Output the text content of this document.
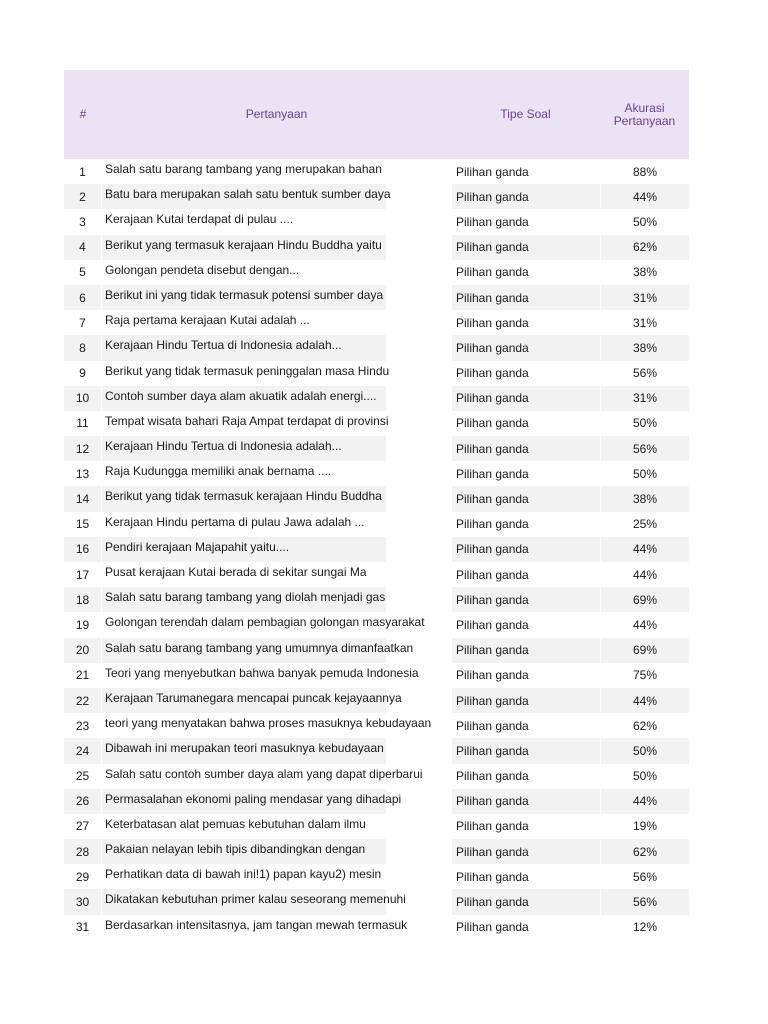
#	Pertanyaan	Tipe Soal	Akurasi
Pertanyaan
1	Salah satu barang tambang yang merupakan bahan	Pilihan ganda	88%
2	Batu bara merupakan salah satu bentuk sumber daya	Pilihan ganda	44%
3	Kerajaan Kutai terdapat di pulau ....	Pilihan ganda	50%
4	Berikut yang termasuk kerajaan Hindu Buddha yaitu	Pilihan ganda	62%
5	Golongan pendeta disebut dengan...	Pilihan ganda	38%
6	Berikut ini yang tidak termasuk potensi sumber daya	Pilihan ganda	31%
7	Raja pertama kerajaan Kutai adalah ...	Pilihan ganda	31%
8	Kerajaan Hindu Tertua di Indonesia adalah...	Pilihan ganda	38%
9	Berikut yang tidak termasuk peninggalan masa Hindu	Pilihan ganda	56%
10	Contoh sumber daya alam akuatik adalah energi....	Pilihan ganda	31%
11	Tempat wisata bahari Raja Ampat terdapat di provinsi	Pilihan ganda	50%
12	Kerajaan Hindu Tertua di Indonesia adalah...	Pilihan ganda	56%
13	Raja Kudungga memiliki anak bernama ....	Pilihan ganda	50%
14	Berikut yang tidak termasuk kerajaan Hindu Buddha	Pilihan ganda	38%
15	Kerajaan Hindu pertama di pulau Jawa adalah ...	Pilihan ganda	25%
16	Pendiri kerajaan Majapahit yaitu....	Pilihan ganda	44%
17	Pusat kerajaan Kutai berada di sekitar sungai Ma	Pilihan ganda	44%
18	Salah satu barang tambang yang diolah menjadi gas	Pilihan ganda	69%
19	Golongan terendah dalam pembagian golongan masyarakat	Pilihan ganda	44%
20	Salah satu barang tambang yang umumnya dimanfaatkan	Pilihan ganda	69%
21	Teori yang menyebutkan bahwa banyak pemuda Indonesia	Pilihan ganda	75%
22	Kerajaan Tarumanegara mencapai puncak kejayaannya	Pilihan ganda	44%
23	teori yang menyatakan bahwa proses masuknya kebudayaan	Pilihan ganda	62%
24	Dibawah ini merupakan teori masuknya kebudayaan	Pilihan ganda	50%
25	Salah satu contoh sumber daya alam yang dapat diperbarui	Pilihan ganda	50%
26	Permasalahan ekonomi paling mendasar yang dihadapi	Pilihan ganda	44%
27	Keterbatasan alat pemuas kebutuhan dalam ilmu	Pilihan ganda	19%
28	Pakaian nelayan lebih tipis dibandingkan dengan	Pilihan ganda	62%
29	Perhatikan data di bawah ini!1) papan kayu2) mesin	Pilihan ganda	56%
30	Dikatakan kebutuhan primer kalau seseorang memenuhi	Pilihan ganda	56%
31	Berdasarkan intensitasnya, jam tangan mewah termasuk	Pilihan ganda	12%
